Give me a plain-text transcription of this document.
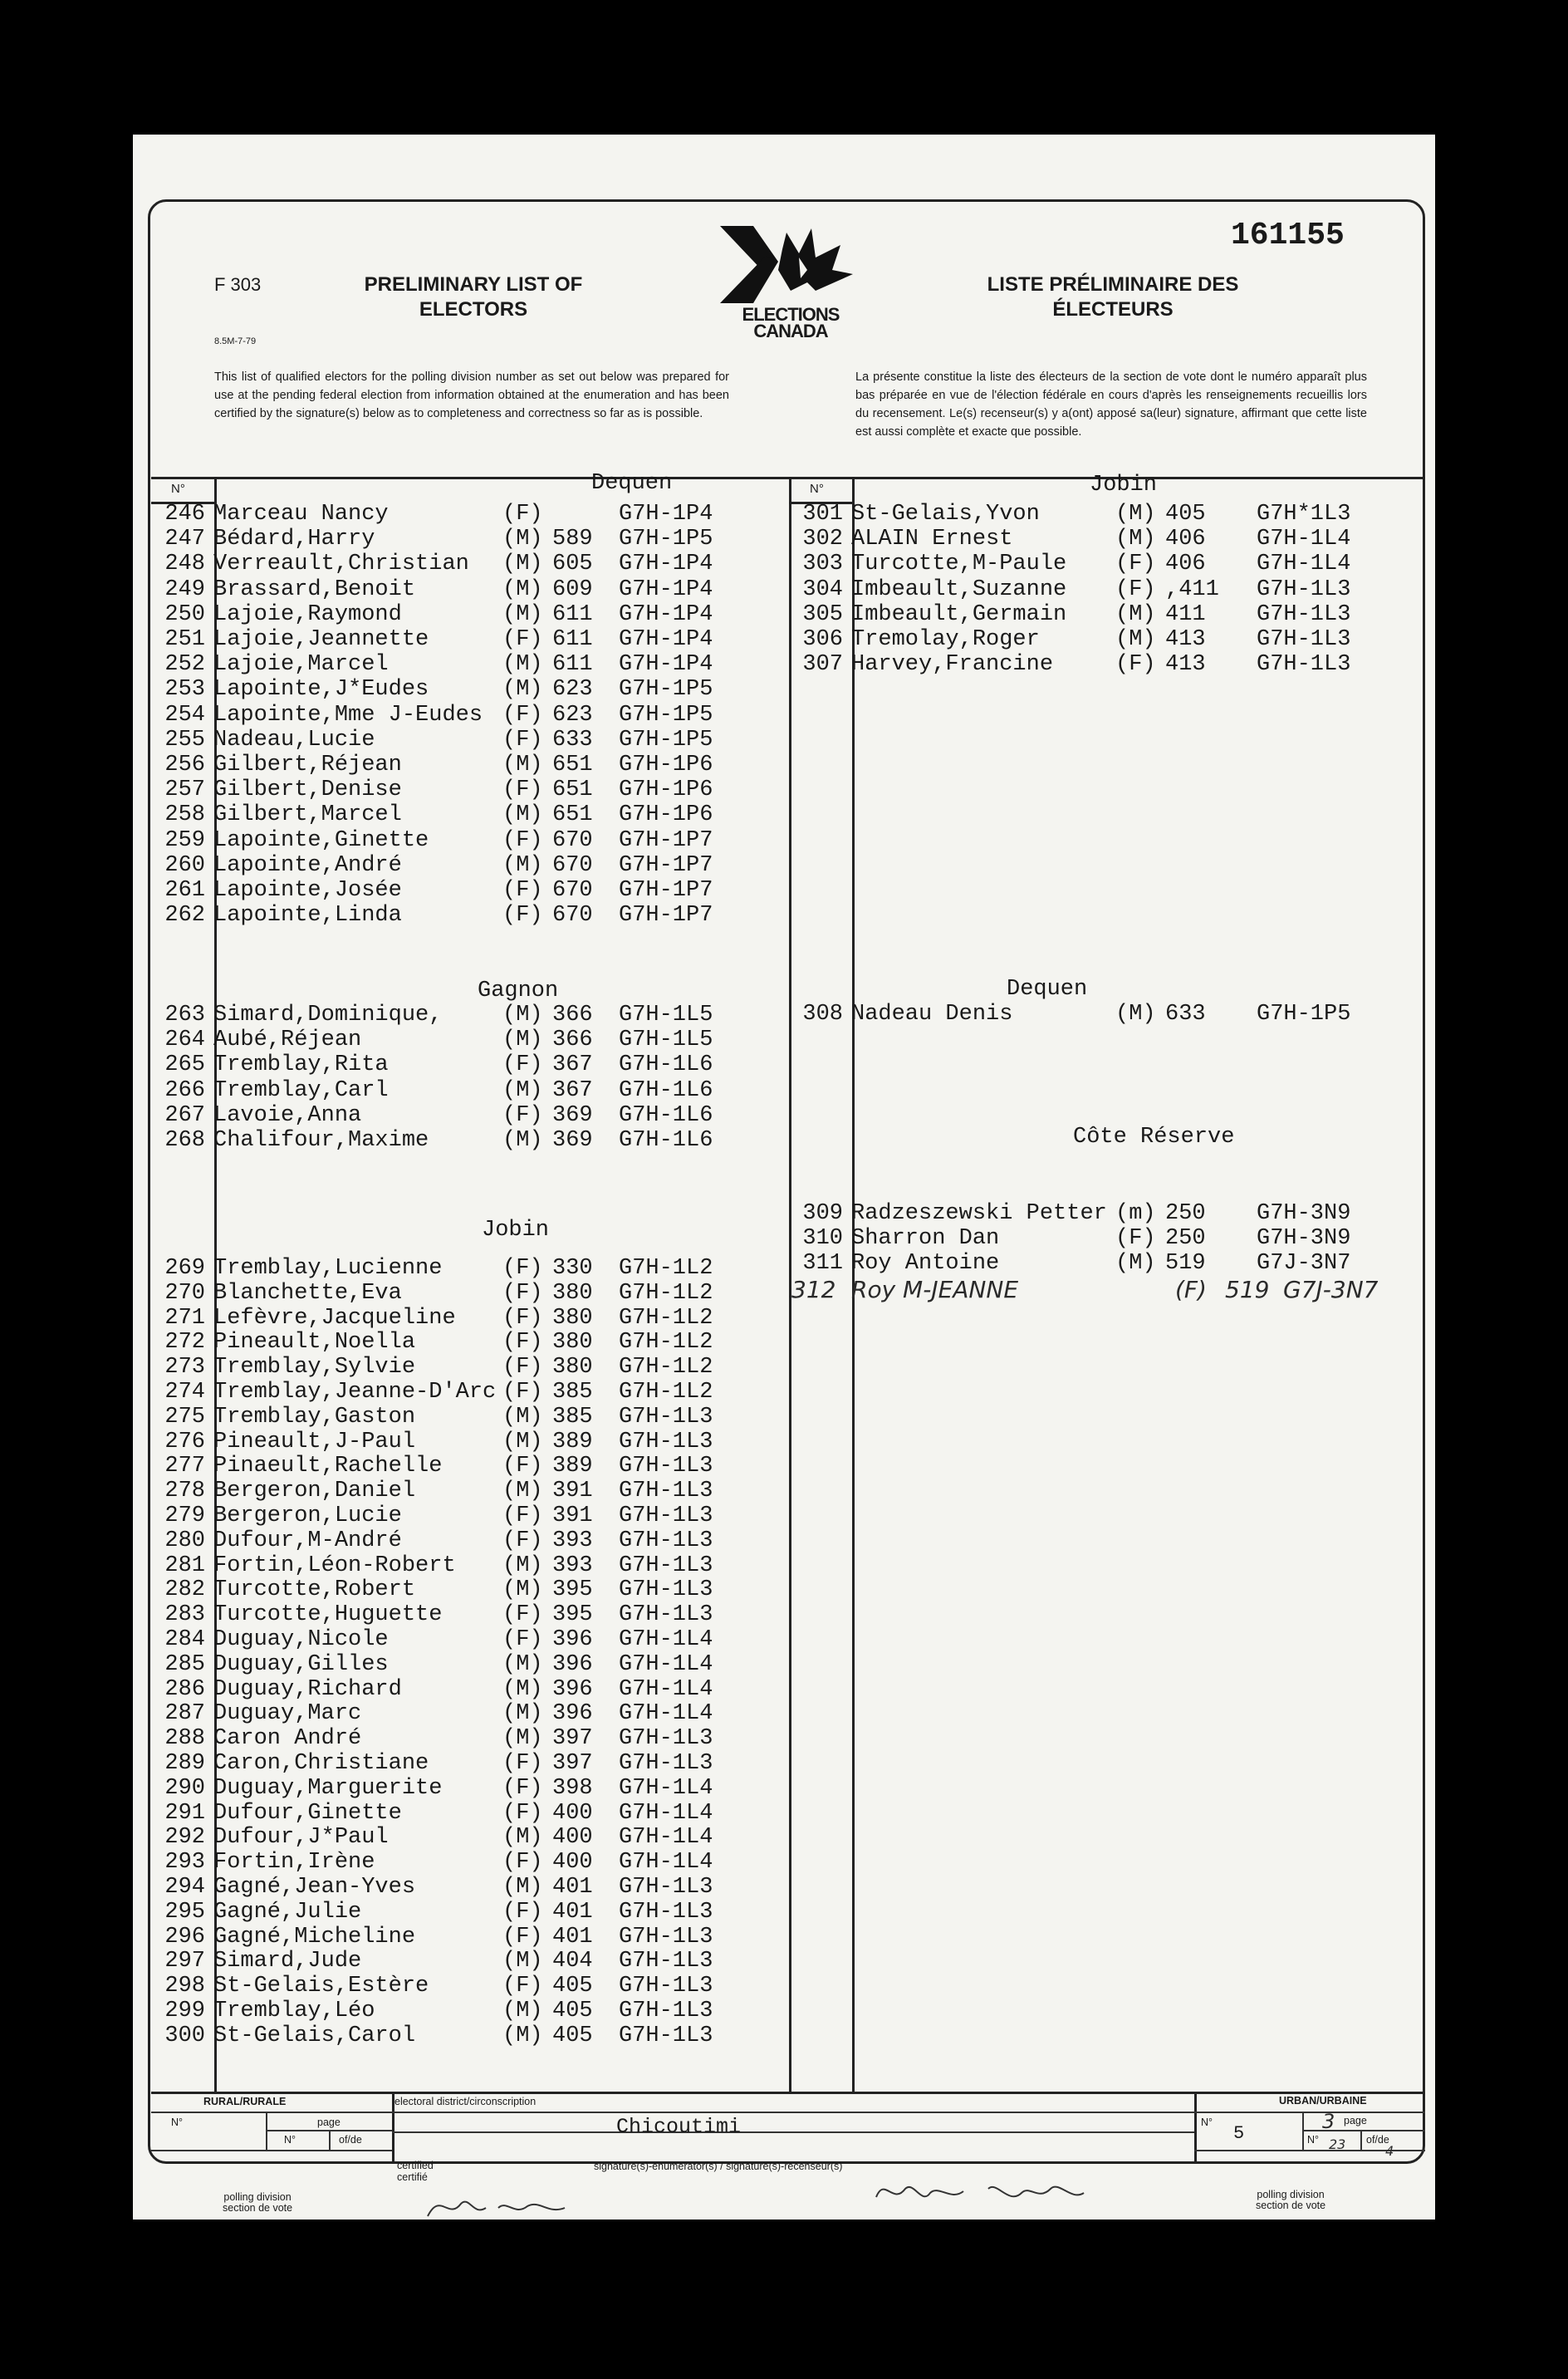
161155
F 303
8.5M-7-79
PRELIMINARY LIST OF
ELECTORS
LISTE PRÉLIMINAIRE DES
ÉLECTEURS
ELECTIONS
CANADA
This list of qualified electors for the polling division number as set out below was prepared for use at the pending federal election from information obtained at the enumeration and has been certified by the signature(s) below as to completeness and correctness so far as is possible.
La présente constitue la liste des électeurs de la section de vote dont le numéro apparaît plus bas préparée en vue de l'élection fédérale en cours d'après les renseignements recueillis lors du recensement. Le(s) recenseur(s) y a(ont) apposé sa(leur) signature, affirmant que cette liste est aussi complète et exacte que possible.
N°	N°
Dequen	Jobin
246 Marceau Nancy	(F)	G7H-1P4
247 Bédard,Harry	(M) 589 G7H-1P5
248 Verreault,Christian (M) 605 G7H-1P4
249 Brassard,Benoit	(M) 609 G7H-1P4
250 Lajoie,Raymond	(M) 611 G7H-1P4
251 Lajoie,Jeannette	(F) 611 G7H-1P4
252 Lajoie,Marcel	(M) 611 G7H-1P4
253 Lapointe,J*Eudes	(M) 623 G7H-1P5
254 Lapointe,Mme J-Eudes (F) 623 G7H-1P5
255 Nadeau,Lucie	(F) 633 G7H-1P5
256 Gilbert,Réjean	(M) 651 G7H-1P6
257 Gilbert,Denise	(F) 651 G7H-1P6
258 Gilbert,Marcel	(M) 651 G7H-1P6
259 Lapointe,Ginette	(F) 670 G7H-1P7
260 Lapointe,André	(M) 670 G7H-1P7
261 Lapointe,Josée	(F) 670 G7H-1P7
262 Lapointe,Linda	(F) 670 G7H-1P7
Gagnon
263 Simard,Dominique,	(M) 366 G7H-1L5
264 Aubé,Réjean	(M) 366 G7H-1L5
265 Tremblay,Rita	(F) 367 G7H-1L6
266 Tremblay,Carl	(M) 367 G7H-1L6
267 Lavoie,Anna	(F) 369 G7H-1L6
268 Chalifour,Maxime	(M) 369 G7H-1L6
Jobin
269 Tremblay,Lucienne	(F) 330 G7H-1L2
270 Blanchette,Eva	(F) 380 G7H-1L2
271 Lefèvre,Jacqueline (F) 380 G7H-1L2
272 Pineault,Noella	(F) 380 G7H-1L2
273 Tremblay,Sylvie	(F) 380 G7H-1L2
274 Tremblay,Jeanne-D'Arc (F) 385 G7H-1L2
275 Tremblay,Gaston	(M) 385 G7H-1L3
276 Pineault,J-Paul	(M) 389 G7H-1L3
277 Pinaeult,Rachelle	(F) 389 G7H-1L3
278 Bergeron,Daniel	(M) 391 G7H-1L3
279 Bergeron,Lucie	(F) 391 G7H-1L3
280 Dufour,M-André	(F) 393 G7H-1L3
281 Fortin,Léon-Robert (M) 393 G7H-1L3
282 Turcotte,Robert	(M) 395 G7H-1L3
283 Turcotte,Huguette	(F) 395 G7H-1L3
284 Duguay,Nicole	(F) 396 G7H-1L4
285 Duguay,Gilles	(M) 396 G7H-1L4
286 Duguay,Richard	(M) 396 G7H-1L4
287 Duguay,Marc	(M) 396 G7H-1L4
288 Caron André	(M) 397 G7H-1L3
289 Caron,Christiane	(F) 397 G7H-1L3
290 Duguay,Marguerite	(F) 398 G7H-1L4
291 Dufour,Ginette	(F) 400 G7H-1L4
292 Dufour,J*Paul	(M) 400 G7H-1L4
293 Fortin,Irène	(F) 400 G7H-1L4
294 Gagné,Jean-Yves	(M) 401 G7H-1L3
295 Gagné,Julie	(F) 401 G7H-1L3
296 Gagné,Micheline	(F) 401 G7H-1L3
297 Simard,Jude	(M) 404 G7H-1L3
298 St-Gelais,Estère	(F) 405 G7H-1L3
299 Tremblay,Léo	(M) 405 G7H-1L3
300 St-Gelais,Carol	(M) 405 G7H-1L3
301 St-Gelais,Yvon	(M) 405 G7H*1L3
302 ALAIN Ernest	(M) 406 G7H-1L4
303 Turcotte,M-Paule (F) 406 G7H-1L4
304 Imbeault,Suzanne (F) ,411 G7H-1L3
305 Imbeault,Germain (M) 411 G7H-1L3
306 Tremolay,Roger	(M) 413 G7H-1L3
307 Harvey,Francine	(F) 413 G7H-1L3
Dequen
308 Nadeau Denis	(M) 633 G7H-1P5
Côte Réserve
309 Radzeszewski Petter (m) 250 G7H-3N9
310 Sharron Dan	(F) 250 G7H-3N9
311 Roy Antoine	(M) 519 G7J-3N7
312 Roy M-JEANNE	(F) 519 G7J-3N7
RURAL/RURALE
N°	page
N°	of/de
polling division
section de vote
electoral district/circonscription
Chicoutimi
certified
certifié
signature(s)-enumerator(s) / signature(s)-recenseur(s)
URBAN/URBAINE
N°
5
3 page
N° 23 of/de
4
polling division
section de vote
